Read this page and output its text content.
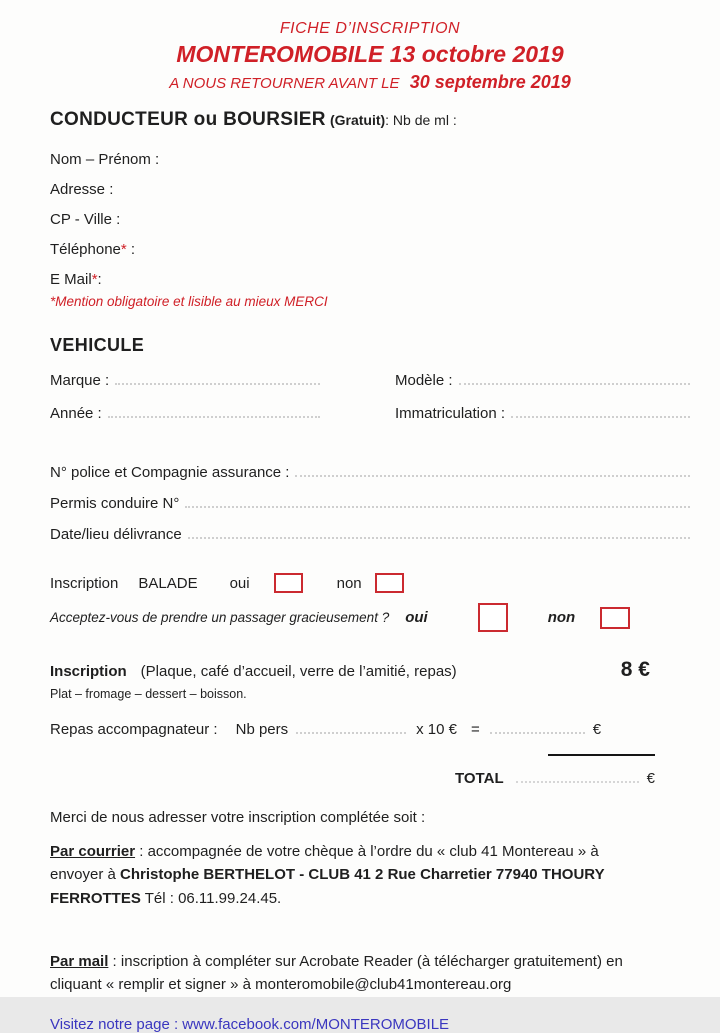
FICHE D’INSCRIPTION
MONTEROMOBILE 13 octobre 2019
A NOUS RETOURNER AVANT LE 30 septembre 2019
CONDUCTEUR ou BOURSIER (Gratuit): Nb de ml :
Nom – Prénom :
Adresse :
CP - Ville :
Téléphone* :
E Mail*:
*Mention obligatoire et lisible au mieux MERCI
VEHICULE
Marque :	Modèle :
Année :	Immatriculation :
N° police et Compagnie assurance :
Permis conduire N°
Date/lieu délivrance
Inscription BALADE oui	non
Acceptez-vous de prendre un passager gracieusement ? oui	non
Inscription (Plaque, café d’accueil, verre de l’amitié, repas)	8 €
Plat – fromage – dessert – boisson.
Repas accompagnateur : Nb pers	x 10 € =	€
TOTAL	€
Merci de nous adresser votre inscription complétée soit :
Par courrier : accompagnée de votre chèque à l’ordre du « club 41 Montereau » à envoyer à Christophe BERTHELOT - CLUB 41 2 Rue Charretier 77940 THOURY FERROTTES Tél : 06.11.99.24.45.
Par mail : inscription à compléter sur Acrobate Reader (à télécharger gratuitement) en cliquant « remplir et signer » à monteromobile@club41montereau.org
Visitez notre page : www.facebook.com/MONTEROMOBILE
